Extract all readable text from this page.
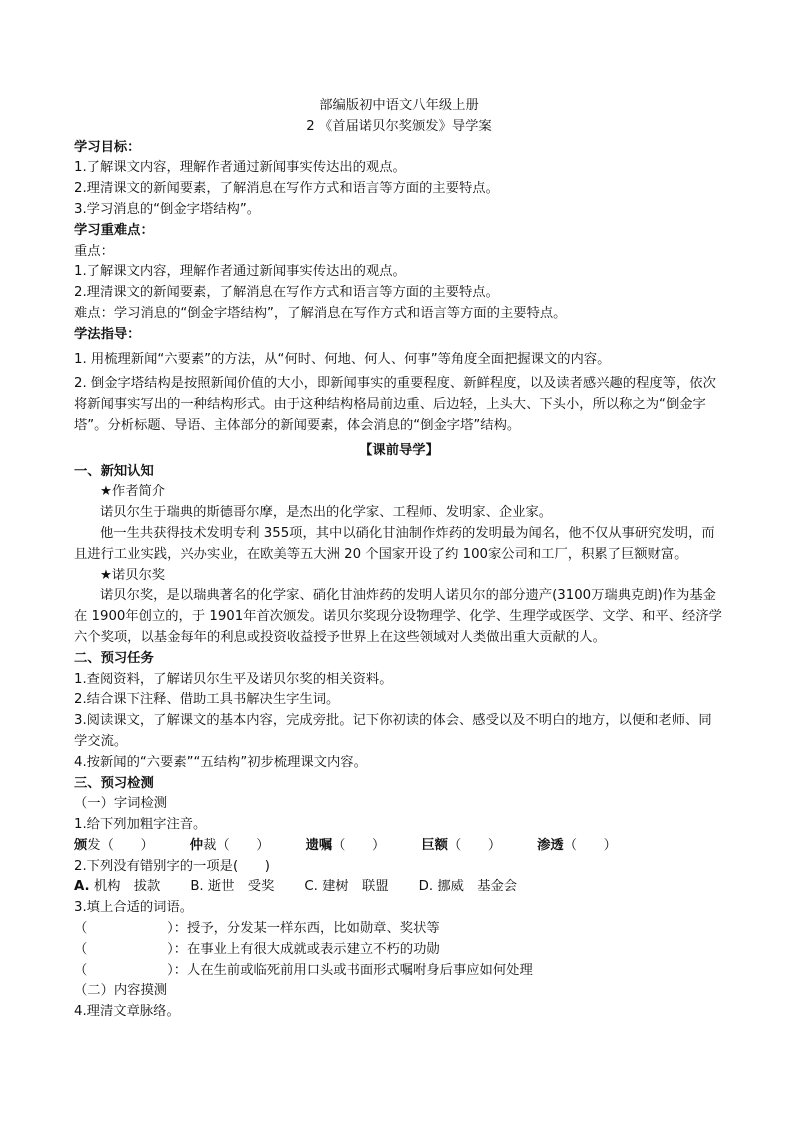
部编版初中语文八年级上册
2 《首届诺贝尔奖颁发》导学案
学习目标：
1.了解课文内容，理解作者通过新闻事实传达出的观点。
2.理清课文的新闻要素，了解消息在写作方式和语言等方面的主要特点。
3.学习消息的“倒金字塔结构”。
学习重难点：
重点：
1.了解课文内容，理解作者通过新闻事实传达出的观点。
2.理清课文的新闻要素，了解消息在写作方式和语言等方面的主要特点。
难点：学习消息的“倒金字塔结构”，了解消息在写作方式和语言等方面的主要特点。
学法指导：
1. 用梳理新闻“六要素”的方法，从“何时、何地、何人、何事”等角度全面把握课文的内容。
2. 倒金字塔结构是按照新闻价值的大小，即新闻事实的重要程度、新鲜程度，以及读者感兴趣的程度等，依次将新闻事实写出的一种结构形式。由于这种结构格局前边重、后边轻，上头大、下头小，所以称之为“倒金字塔”。分析标题、导语、主体部分的新闻要素，体会消息的“倒金字塔”结构。
【课前导学】
一、新知认知
★作者简介
诺贝尔生于瑞典的斯德哥尔摩，是杰出的化学家、工程师、发明家、企业家。
他一生共获得技术发明专利 355项，其中以硝化甘油制作炸药的发明最为闻名，他不仅从事研究发明，而且进行工业实践，兴办实业，在欧美等五大洲 20 个国家开设了约 100家公司和工厂，积累了巨额财富。
★诺贝尔奖
诺贝尔奖，是以瑞典著名的化学家、硝化甘油炸药的发明人诺贝尔的部分遗产(3100万瑞典克朗)作为基金在 1900年创立的，于 1901年首次颁发。诺贝尔奖现分设物理学、化学、生理学或医学、文学、和平、经济学六个奖项，以基金每年的利息或投资收益授予世界上在这些领域对人类做出重大贡献的人。
二、预习任务
1.查阅资料，了解诺贝尔生平及诺贝尔奖的相关资料。
2.结合课下注释、借助工具书解决生字生词。
3.阅读课文，了解课文的基本内容，完成旁批。记下你初读的体会、感受以及不明白的地方，以便和老师、同学交流。
4.按新闻的“六要素”“五结构”初步梳理课文内容。
三、预习检测
（一）字词检测
1.给下列加粗字注音。
颁发（　　）	仲裁（　　）	遗嘱（　　）	巨额（　　）	渗透（　　）
2.下列没有错别字的一项是(　　)
A. 机构　拔款 B. 逝世　受奖 C. 建树　联盟 D. 挪威　基金会
3.填上合适的词语。
（　　　　　　）：授予，分发某一样东西，比如勋章、奖状等
（　　　　　　）：在事业上有很大成就或表示建立不朽的功勋
（　　　　　　）：人在生前或临死前用口头或书面形式嘱咐身后事应如何处理
（二）内容摸测
4.理清文章脉络。
